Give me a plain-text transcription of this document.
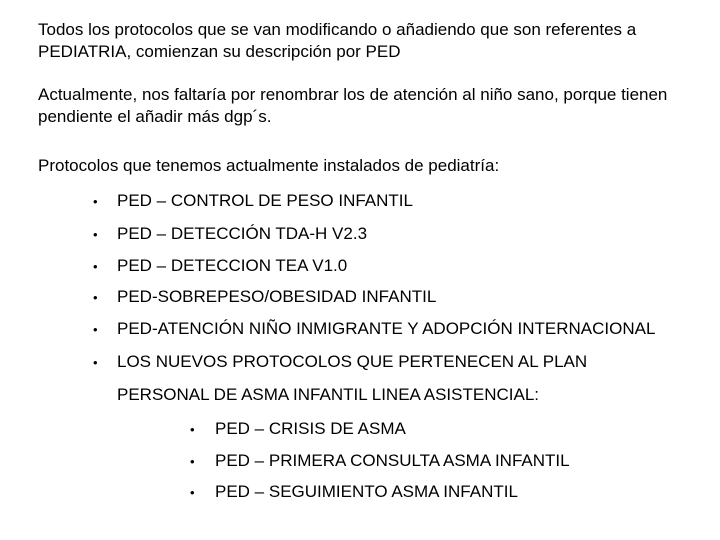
Todos los protocolos que se van modificando o añadiendo que son referentes a PEDIATRIA, comienzan su descripción por PED

Actualmente, nos faltaría por renombrar los de atención al niño sano, porque tienen pendiente el añadir más dgp´s.

Protocolos que tenemos actualmente instalados de pediatría:

• PED – CONTROL DE PESO INFANTIL
• PED – DETECCIÓN TDA-H V2.3
• PED – DETECCION TEA V1.0
• PED-SOBREPESO/OBESIDAD INFANTIL
• PED-ATENCIÓN NIÑO INMIGRANTE Y ADOPCIÓN INTERNACIONAL
• LOS NUEVOS PROTOCOLOS QUE PERTENECEN AL PLAN
PERSONAL DE ASMA INFANTIL LINEA ASISTENCIAL:
• PED – CRISIS DE ASMA
• PED – PRIMERA CONSULTA ASMA INFANTIL
• PED – SEGUIMIENTO ASMA INFANTIL
